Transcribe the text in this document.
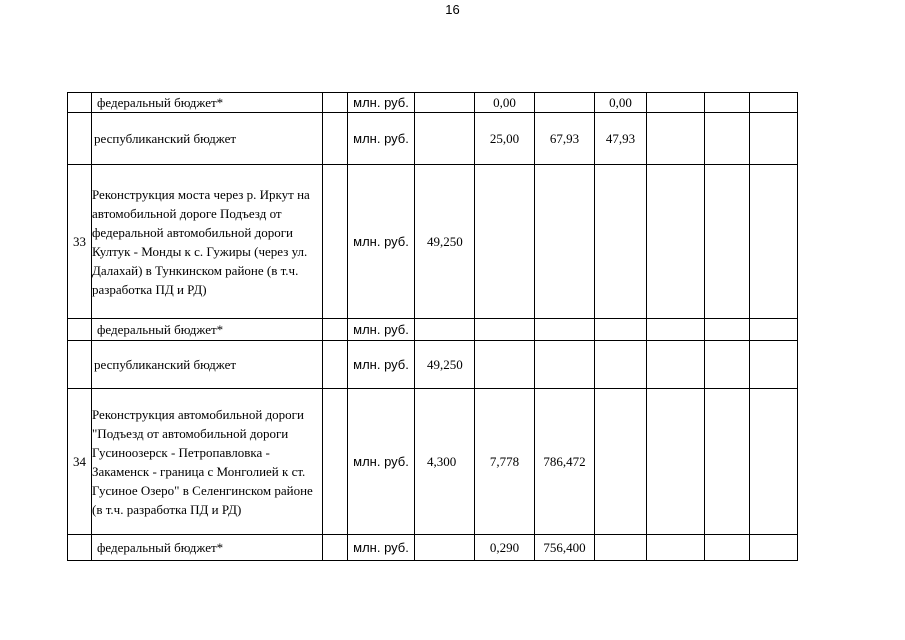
16
	федеральный бюджет*		млн. руб.		0,00		0,00			
	республиканский бюджет		млн. руб.		25,00	67,93	47,93			
33	Реконструкция моста через р. Иркут на автомобильной дороге Подъезд от федеральной автомобильной дороги Култук - Монды к с. Гужиры (через ул. Далахай) в Тункинском районе (в т.ч. разработка ПД и РД)		млн. руб.	49,250						
	федеральный бюджет*		млн. руб.							
	республиканский бюджет		млн. руб.	49,250						
34	Реконструкция автомобильной дороги "Подъезд от автомобильной дороги Гусиноозерск - Петропавловка - Закаменск - граница с Монголией к ст. Гусиное Озеро" в Селенгинском районе (в т.ч. разработка ПД и РД)		млн. руб.	4,300	7,778	786,472				
	федеральный бюджет*		млн. руб.		0,290	756,400				
